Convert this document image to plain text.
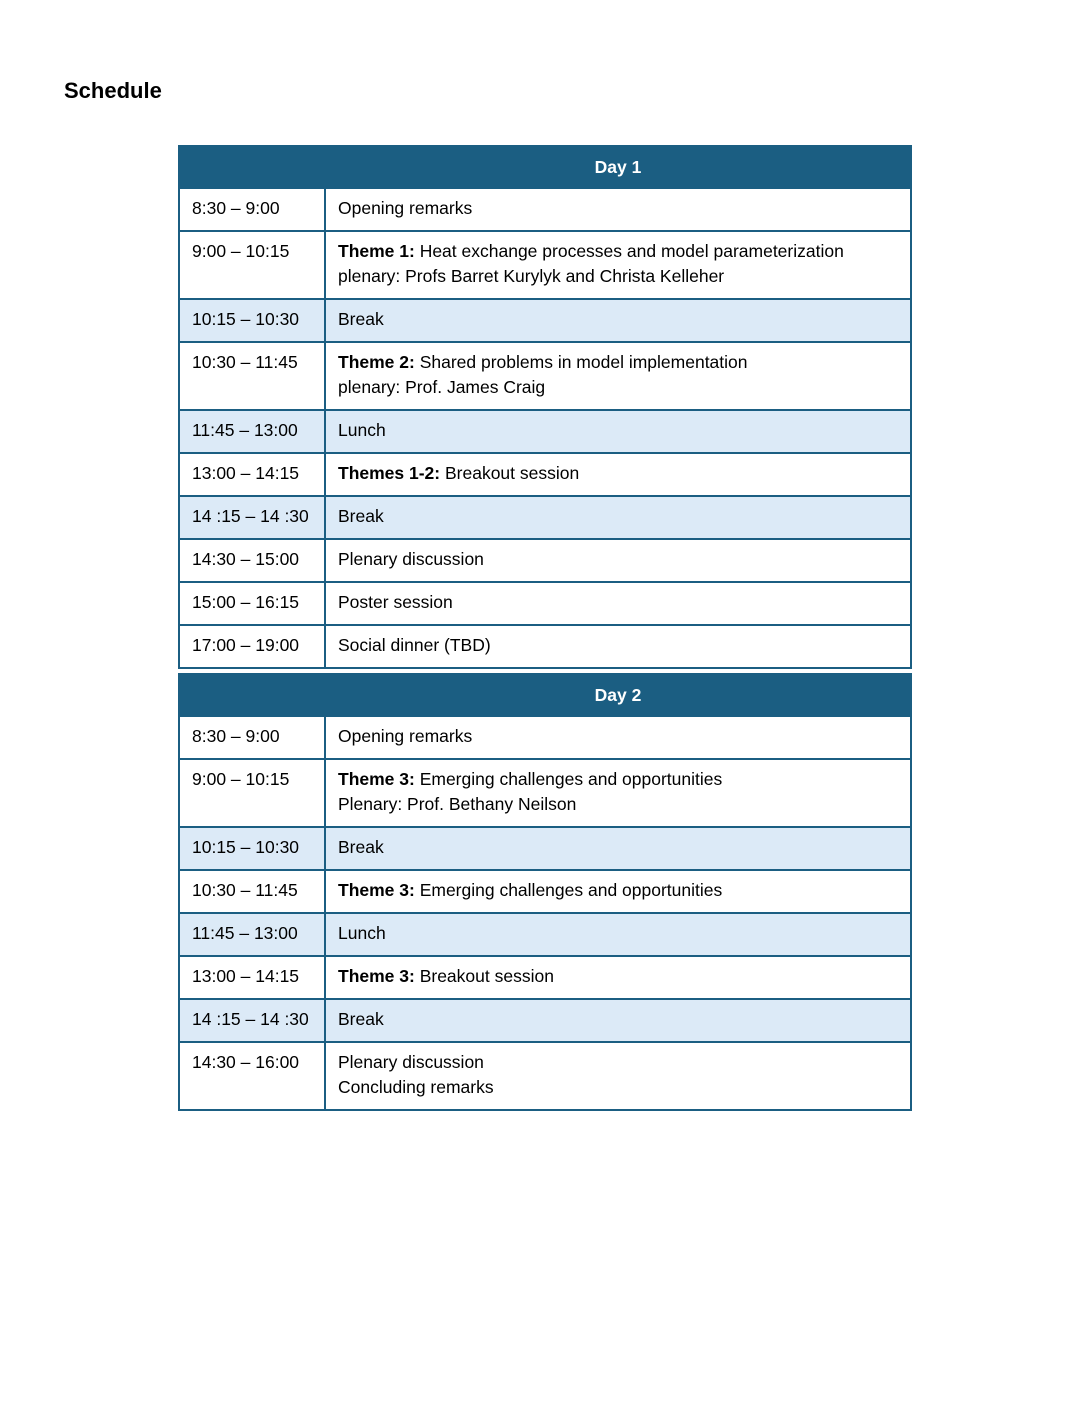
Schedule
	Day 1
8:30 – 9:00	Opening remarks

9:00 – 10:15	Theme 1: Heat exchange processes and model parameterization
plenary: Profs Barret Kurylyk and Christa Kelleher

10:15 – 10:30	Break

10:30 – 11:45	Theme 2: Shared problems in model implementation
plenary: Prof. James Craig

11:45 – 13:00	Lunch

13:00 – 14:15	Themes 1-2: Breakout session

14 :15 – 14 :30	Break

14:30 – 15:00	Plenary discussion

15:00 – 16:15	Poster session

17:00 – 19:00	Social dinner (TBD)
	Day 2
8:30 – 9:00	Opening remarks

9:00 – 10:15	Theme 3: Emerging challenges and opportunities
Plenary: Prof. Bethany Neilson

10:15 – 10:30	Break

10:30 – 11:45	Theme 3: Emerging challenges and opportunities

11:45 – 13:00	Lunch

13:00 – 14:15	Theme 3: Breakout session

14 :15 – 14 :30	Break

14:30 – 16:00	Plenary discussion
Concluding remarks
